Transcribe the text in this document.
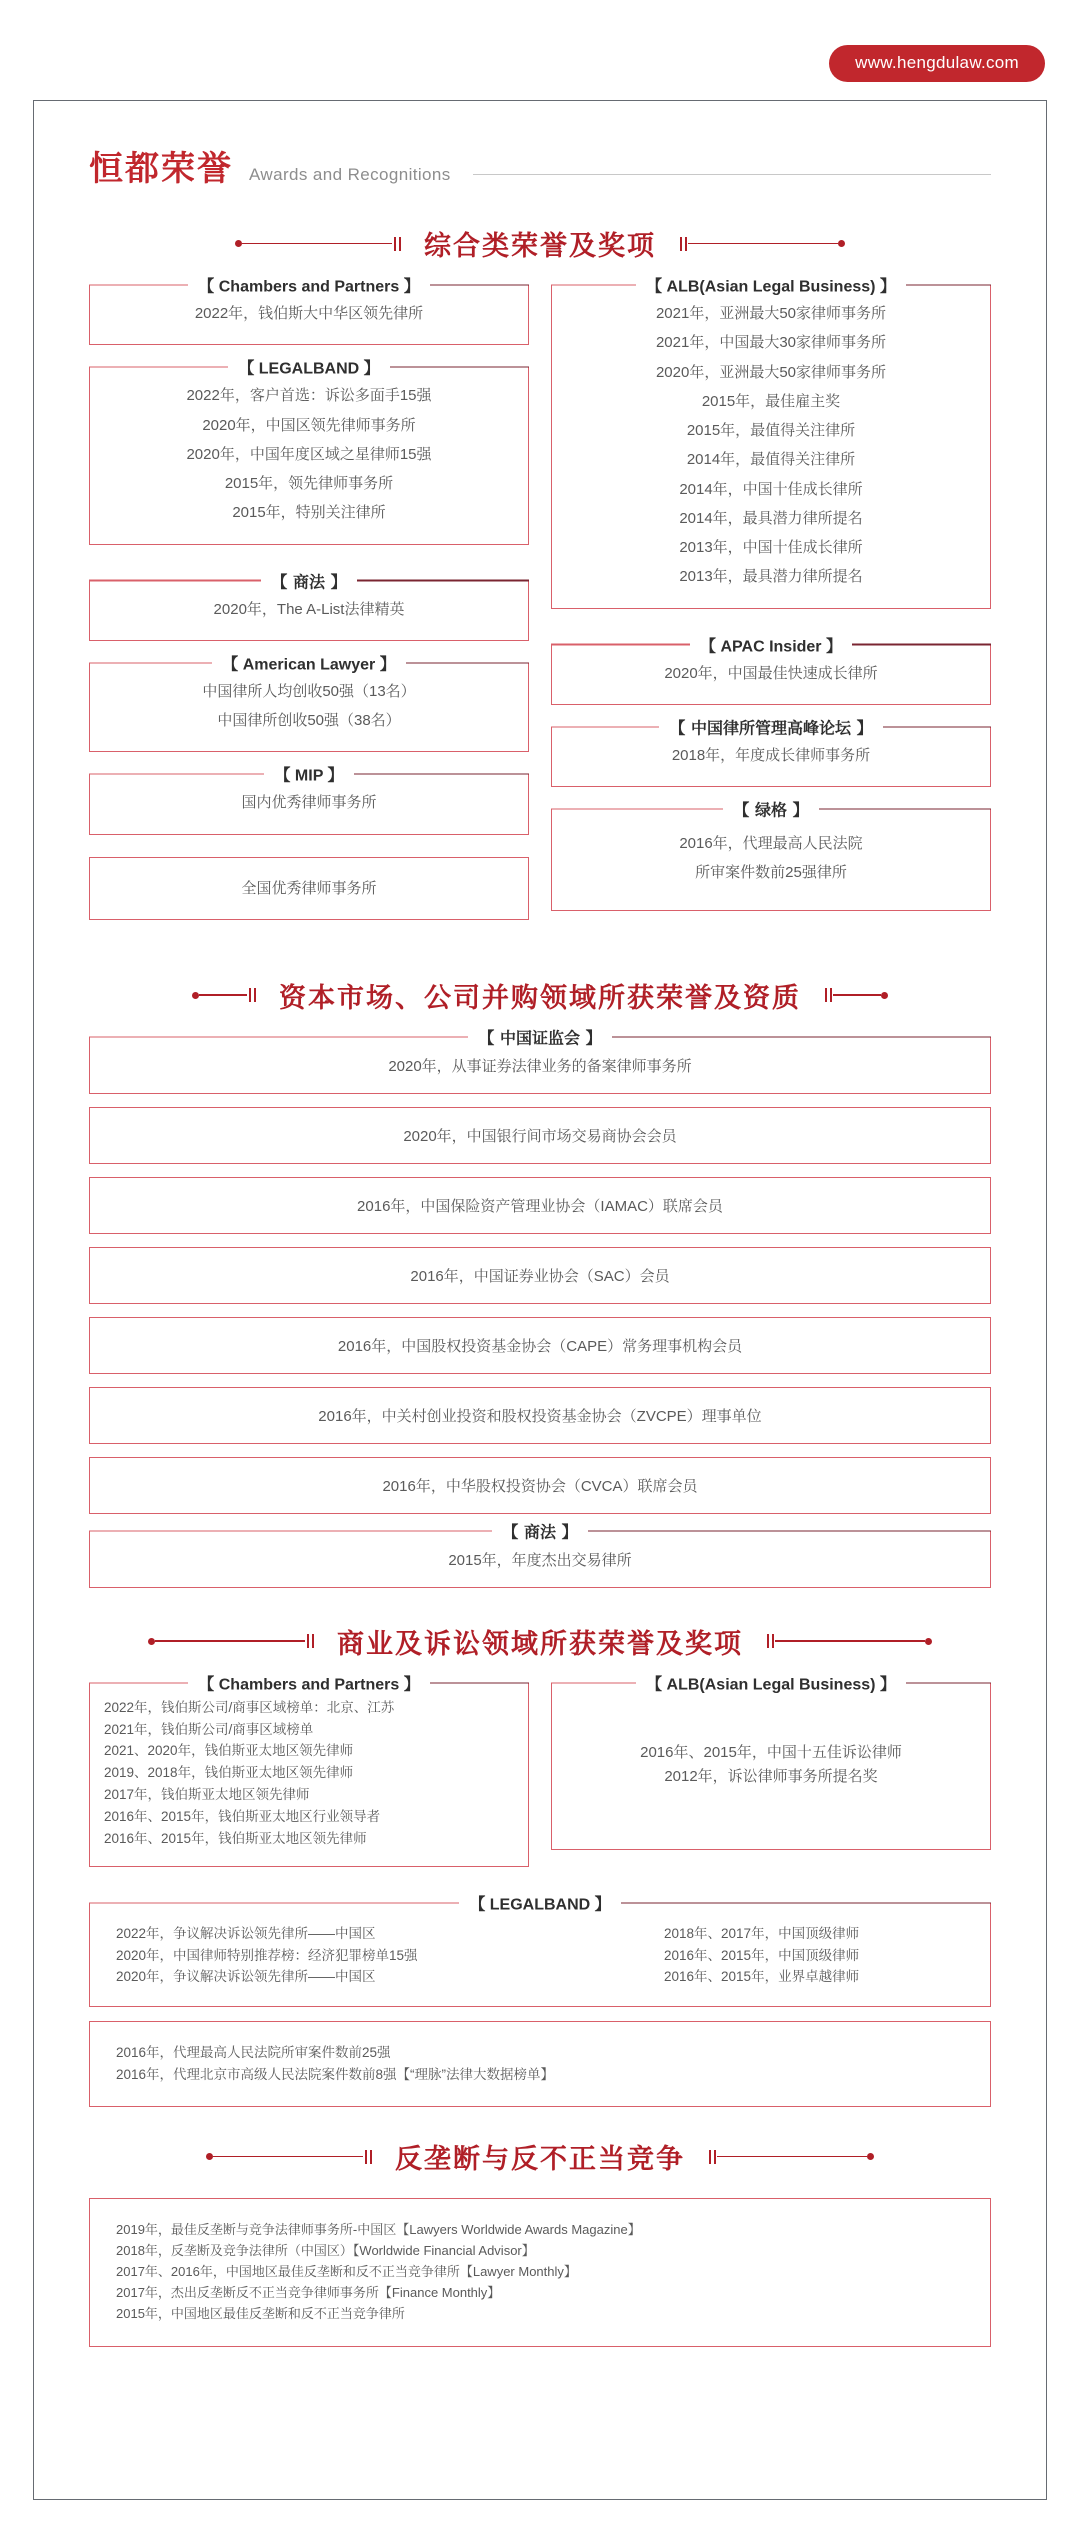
www.hengdulaw.com
恒都荣誉 Awards and Recognitions
综合类荣誉及奖项
【 Chambers and Partners 】
2022年，钱伯斯大中华区领先律所
【 LEGALBAND 】
2022年，客户首选：诉讼多面手15强
2020年，中国区领先律师事务所
2020年，中国年度区域之星律师15强
2015年，领先律师事务所
2015年，特别关注律所
【 商法 】
2020年，The A-List法律精英
【 American Lawyer 】
中国律所人均创收50强（13名）
中国律所创收50强（38名）
【 MIP 】
国内优秀律师事务所
全国优秀律师事务所
【 ALB(Asian Legal Business) 】
2021年，亚洲最大50家律师事务所
2021年，中国最大30家律师事务所
2020年，亚洲最大50家律师事务所
2015年，最佳雇主奖
2015年，最值得关注律所
2014年，最值得关注律所
2014年，中国十佳成长律所
2014年，最具潜力律所提名
2013年，中国十佳成长律所
2013年，最具潜力律所提名
【 APAC Insider 】
2020年，中国最佳快速成长律所
【 中国律所管理高峰论坛 】
2018年，年度成长律师事务所
【 绿格 】
2016年，代理最高人民法院
所审案件数前25强律所
资本市场、公司并购领域所获荣誉及资质
【 中国证监会 】
2020年，从事证券法律业务的备案律师事务所
2020年，中国银行间市场交易商协会会员
2016年，中国保险资产管理业协会（IAMAC）联席会员
2016年，中国证券业协会（SAC）会员
2016年，中国股权投资基金协会（CAPE）常务理事机构会员
2016年，中关村创业投资和股权投资基金协会（ZVCPE）理事单位
2016年，中华股权投资协会（CVCA）联席会员
【 商法 】
2015年，年度杰出交易律所
商业及诉讼领域所获荣誉及奖项
【 Chambers and Partners 】
2022年，钱伯斯公司/商事区域榜单：北京、江苏
2021年，钱伯斯公司/商事区域榜单
2021、2020年，钱伯斯亚太地区领先律师
2019、2018年，钱伯斯亚太地区领先律师
2017年，钱伯斯亚太地区领先律师
2016年、2015年，钱伯斯亚太地区行业领导者
2016年、2015年，钱伯斯亚太地区领先律师
【 ALB(Asian Legal Business) 】
2016年、2015年，中国十五佳诉讼律师
2012年，诉讼律师事务所提名奖
【 LEGALBAND 】
2022年，争议解决诉讼领先律所——中国区
2020年，中国律师特别推荐榜：经济犯罪榜单15强
2020年，争议解决诉讼领先律所——中国区
2018年、2017年，中国顶级律师
2016年、2015年，中国顶级律师
2016年、2015年，业界卓越律师
2016年，代理最高人民法院所审案件数前25强
2016年，代理北京市高级人民法院案件数前8强【“理脉”法律大数据榜单】
反垄断与反不正当竞争
2019年，最佳反垄断与竞争法律师事务所-中国区【Lawyers Worldwide Awards Magazine】
2018年，反垄断及竞争法律所（中国区）【Worldwide Financial Advisor】
2017年、2016年，中国地区最佳反垄断和反不正当竞争律所【Lawyer Monthly】
2017年，杰出反垄断反不正当竞争律师事务所【Finance Monthly】
2015年，中国地区最佳反垄断和反不正当竞争律所
